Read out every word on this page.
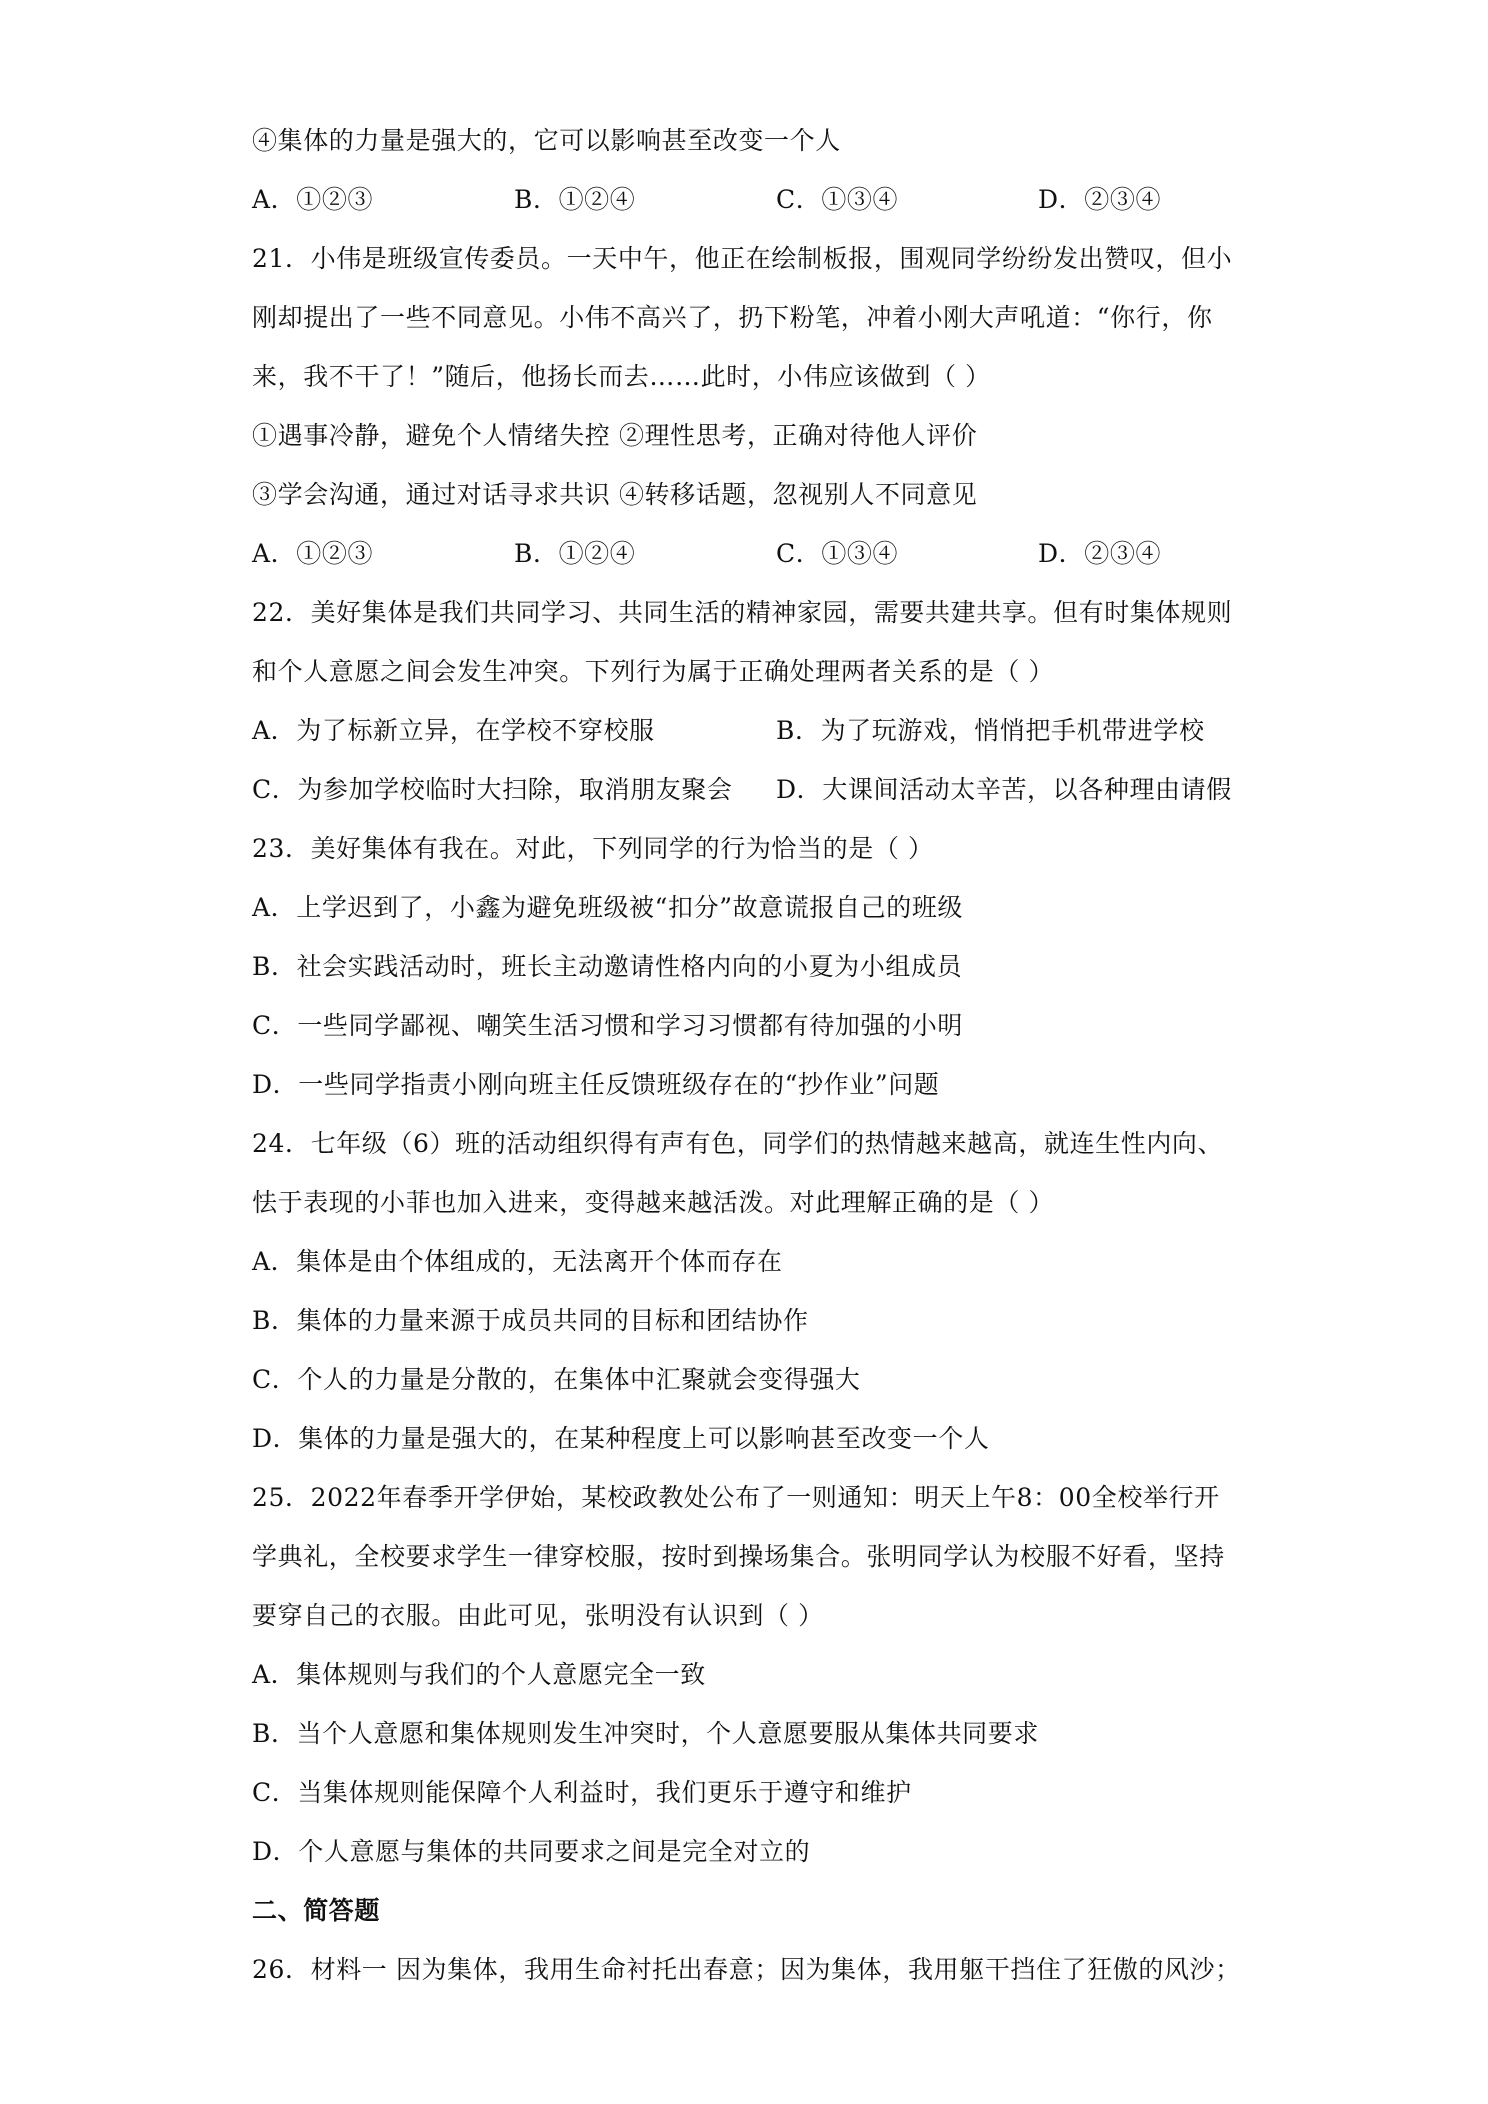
④集体的力量是强大的，它可以影响甚至改变一个人
A．①②③	B．①②④	C．①③④	D．②③④
21．小伟是班级宣传委员。一天中午，他正在绘制板报，围观同学纷纷发出赞叹，但小
刚却提出了一些不同意见。小伟不高兴了，扔下粉笔，冲着小刚大声吼道：“你行，你
来，我不干了！”随后，他扬长而去……此时，小伟应该做到（ ）
①遇事冷静，避免个人情绪失控 ②理性思考，正确对待他人评价
③学会沟通，通过对话寻求共识 ④转移话题，忽视别人不同意见
A．①②③	B．①②④	C．①③④	D．②③④
22．美好集体是我们共同学习、共同生活的精神家园，需要共建共享。但有时集体规则
和个人意愿之间会发生冲突。下列行为属于正确处理两者关系的是（ ）
A．为了标新立异，在学校不穿校服	B．为了玩游戏，悄悄把手机带进学校
C．为参加学校临时大扫除，取消朋友聚会 D．大课间活动太辛苦，以各种理由请假
23．美好集体有我在。对此，下列同学的行为恰当的是（ ）
A．上学迟到了，小鑫为避免班级被“扣分”故意谎报自己的班级
B．社会实践活动时，班长主动邀请性格内向的小夏为小组成员
C．一些同学鄙视、嘲笑生活习惯和学习习惯都有待加强的小明
D．一些同学指责小刚向班主任反馈班级存在的“抄作业”问题
24．七年级（6）班的活动组织得有声有色，同学们的热情越来越高，就连生性内向、
怯于表现的小菲也加入进来，变得越来越活泼。对此理解正确的是（ ）
A．集体是由个体组成的，无法离开个体而存在
B．集体的力量来源于成员共同的目标和团结协作
C．个人的力量是分散的，在集体中汇聚就会变得强大
D．集体的力量是强大的，在某种程度上可以影响甚至改变一个人
25．2022年春季开学伊始，某校政教处公布了一则通知：明天上午8：00全校举行开
学典礼，全校要求学生一律穿校服，按时到操场集合。张明同学认为校服不好看，坚持
要穿自己的衣服。由此可见，张明没有认识到（ ）
A．集体规则与我们的个人意愿完全一致
B．当个人意愿和集体规则发生冲突时，个人意愿要服从集体共同要求
C．当集体规则能保障个人利益时，我们更乐于遵守和维护
D．个人意愿与集体的共同要求之间是完全对立的
二、简答题
26．材料一 因为集体，我用生命衬托出春意；因为集体，我用躯干挡住了狂傲的风沙；
